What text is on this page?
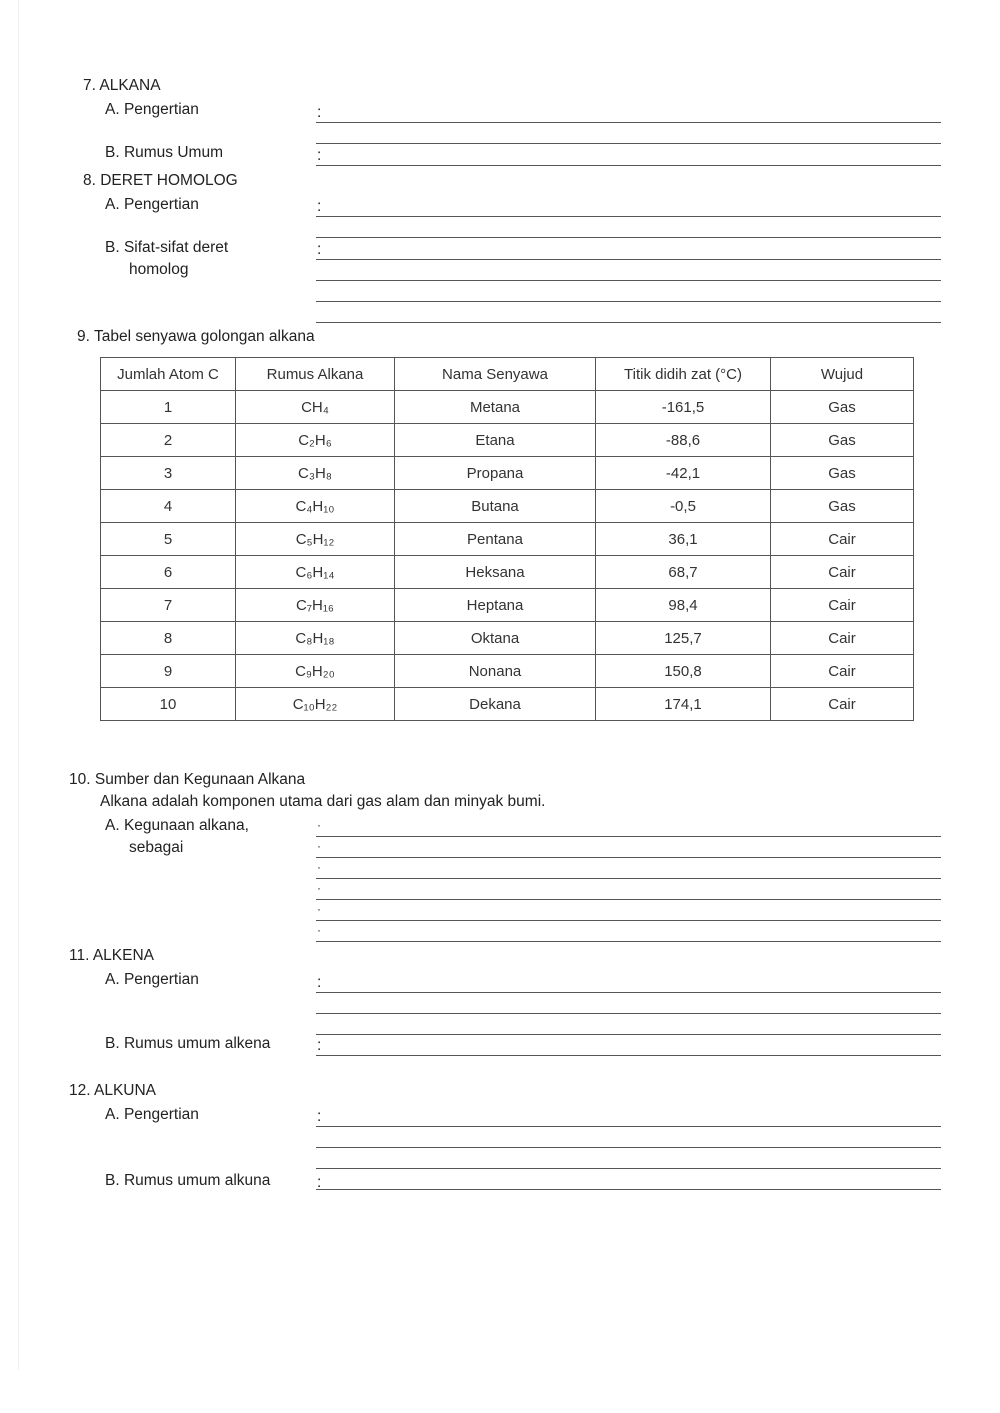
7. ALKANA
A. Pengertian	:
B. Rumus Umum	:
8. DERET HOMOLOG
A. Pengertian	:
B. Sifat-sifat deret
homolog
:
9. Tabel senyawa golongan alkana
Jumlah Atom C	Rumus Alkana	Nama Senyawa	Titik didih zat (°C)	Wujud
1	CH₄	Metana	-161,5	Gas
2	C₂H₆	Etana	-88,6	Gas
3	C₃H₈	Propana	-42,1	Gas
4	C₄H₁₀	Butana	-0,5	Gas
5	C₅H₁₂	Pentana	36,1	Cair
6	C₆H₁₄	Heksana	68,7	Cair
7	C₇H₁₆	Heptana	98,4	Cair
8	C₈H₁₈	Oktana	125,7	Cair
9	C₉H₂₀	Nonana	150,8	Cair
10	C₁₀H₂₂	Dekana	174,1	Cair
10. Sumber dan Kegunaan Alkana
Alkana adalah komponen utama dari gas alam dan minyak bumi.
A. Kegunaan alkana,
sebagai
·
·
·
·
·
·
11. ALKENA
A. Pengertian	:
B. Rumus umum alkena	:
12. ALKUNA
A. Pengertian	:
B. Rumus umum alkuna	:
